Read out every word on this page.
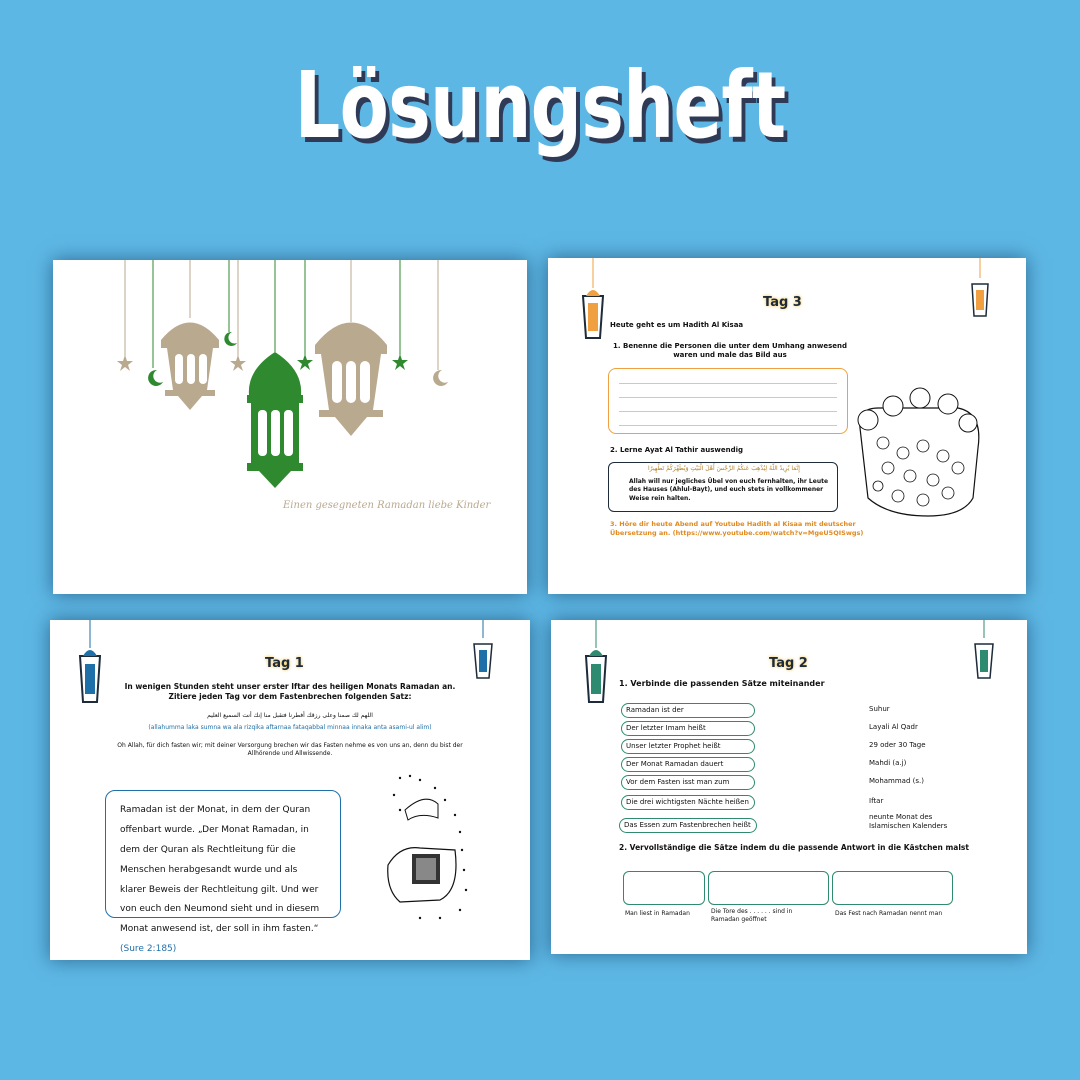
Lösungsheft
Einen gesegneten Ramadan liebe Kinder
Tag 3
Heute geht es um Hadith Al Kisaa
1. Benenne die Personen die unter dem Umhang anwesend waren und male das Bild aus
2. Lerne Ayat Al Tathir auswendig
إِنَّمَا يُرِيدُ اللَّهُ لِيُذْهِبَ عَنكُمُ الرِّجْسَ أَهْلَ الْبَيْتِ وَيُطَهِّرَكُمْ تَطْهِيرًا
Allah will nur jegliches Übel von euch fernhalten, ihr Leute des Hauses (Ahlul-Bayt), und euch stets in vollkommener Weise rein halten.
3. Höre dir heute Abend auf Youtube Hadith al Kisaa mit deutscher Übersetzung an. (https://www.youtube.com/watch?v=MgeU5QISwgs)
Tag 1
In wenigen Stunden steht unser erster Iftar des heiligen Monats Ramadan an. Zitiere jeden Tag vor dem Fastenbrechen folgenden Satz:
اللهم لك صمنا وعلى رزقك أفطرنا فتقبل منا إنك أنت السميع العليم
(allahumma laka sumna wa ala rizqika aftarnaa fataqabbal minnaa innaka anta asami-ul alim)
Oh Allah, für dich fasten wir; mit deiner Versorgung brechen wir das Fasten nehme es von uns an, denn du bist der Allhörende und Allwissende.
Ramadan ist der Monat, in dem der Quran offenbart wurde. „Der Monat Ramadan, in dem der Quran als Rechtleitung für die Menschen herabgesandt wurde und als klarer Beweis der Rechtleitung gilt. Und wer von euch den Neumond sieht und in diesem Monat anwesend ist, der soll in ihm fasten.“ (Sure 2:185)
Tag 2
1. Verbinde die passenden Sätze miteinander
Ramadan ist der
Der letzter Imam heißt
Unser letzter Prophet heißt
Der Monat Ramadan dauert
Vor dem Fasten isst man zum
Die drei wichtigsten Nächte heißen
Das Essen zum Fastenbrechen heißt
Suhur
Layali Al Qadr
29 oder 30 Tage
Mahdi (a.j)
Mohammad (s.)
Iftar
neunte Monat des Islamischen Kalenders
2. Vervollständige die Sätze indem du die passende Antwort in die Kästchen malst
Man liest in Ramadan	Die Tore des . . . . . . sind in Ramadan geöffnet
Das Fest nach Ramadan nennt man
